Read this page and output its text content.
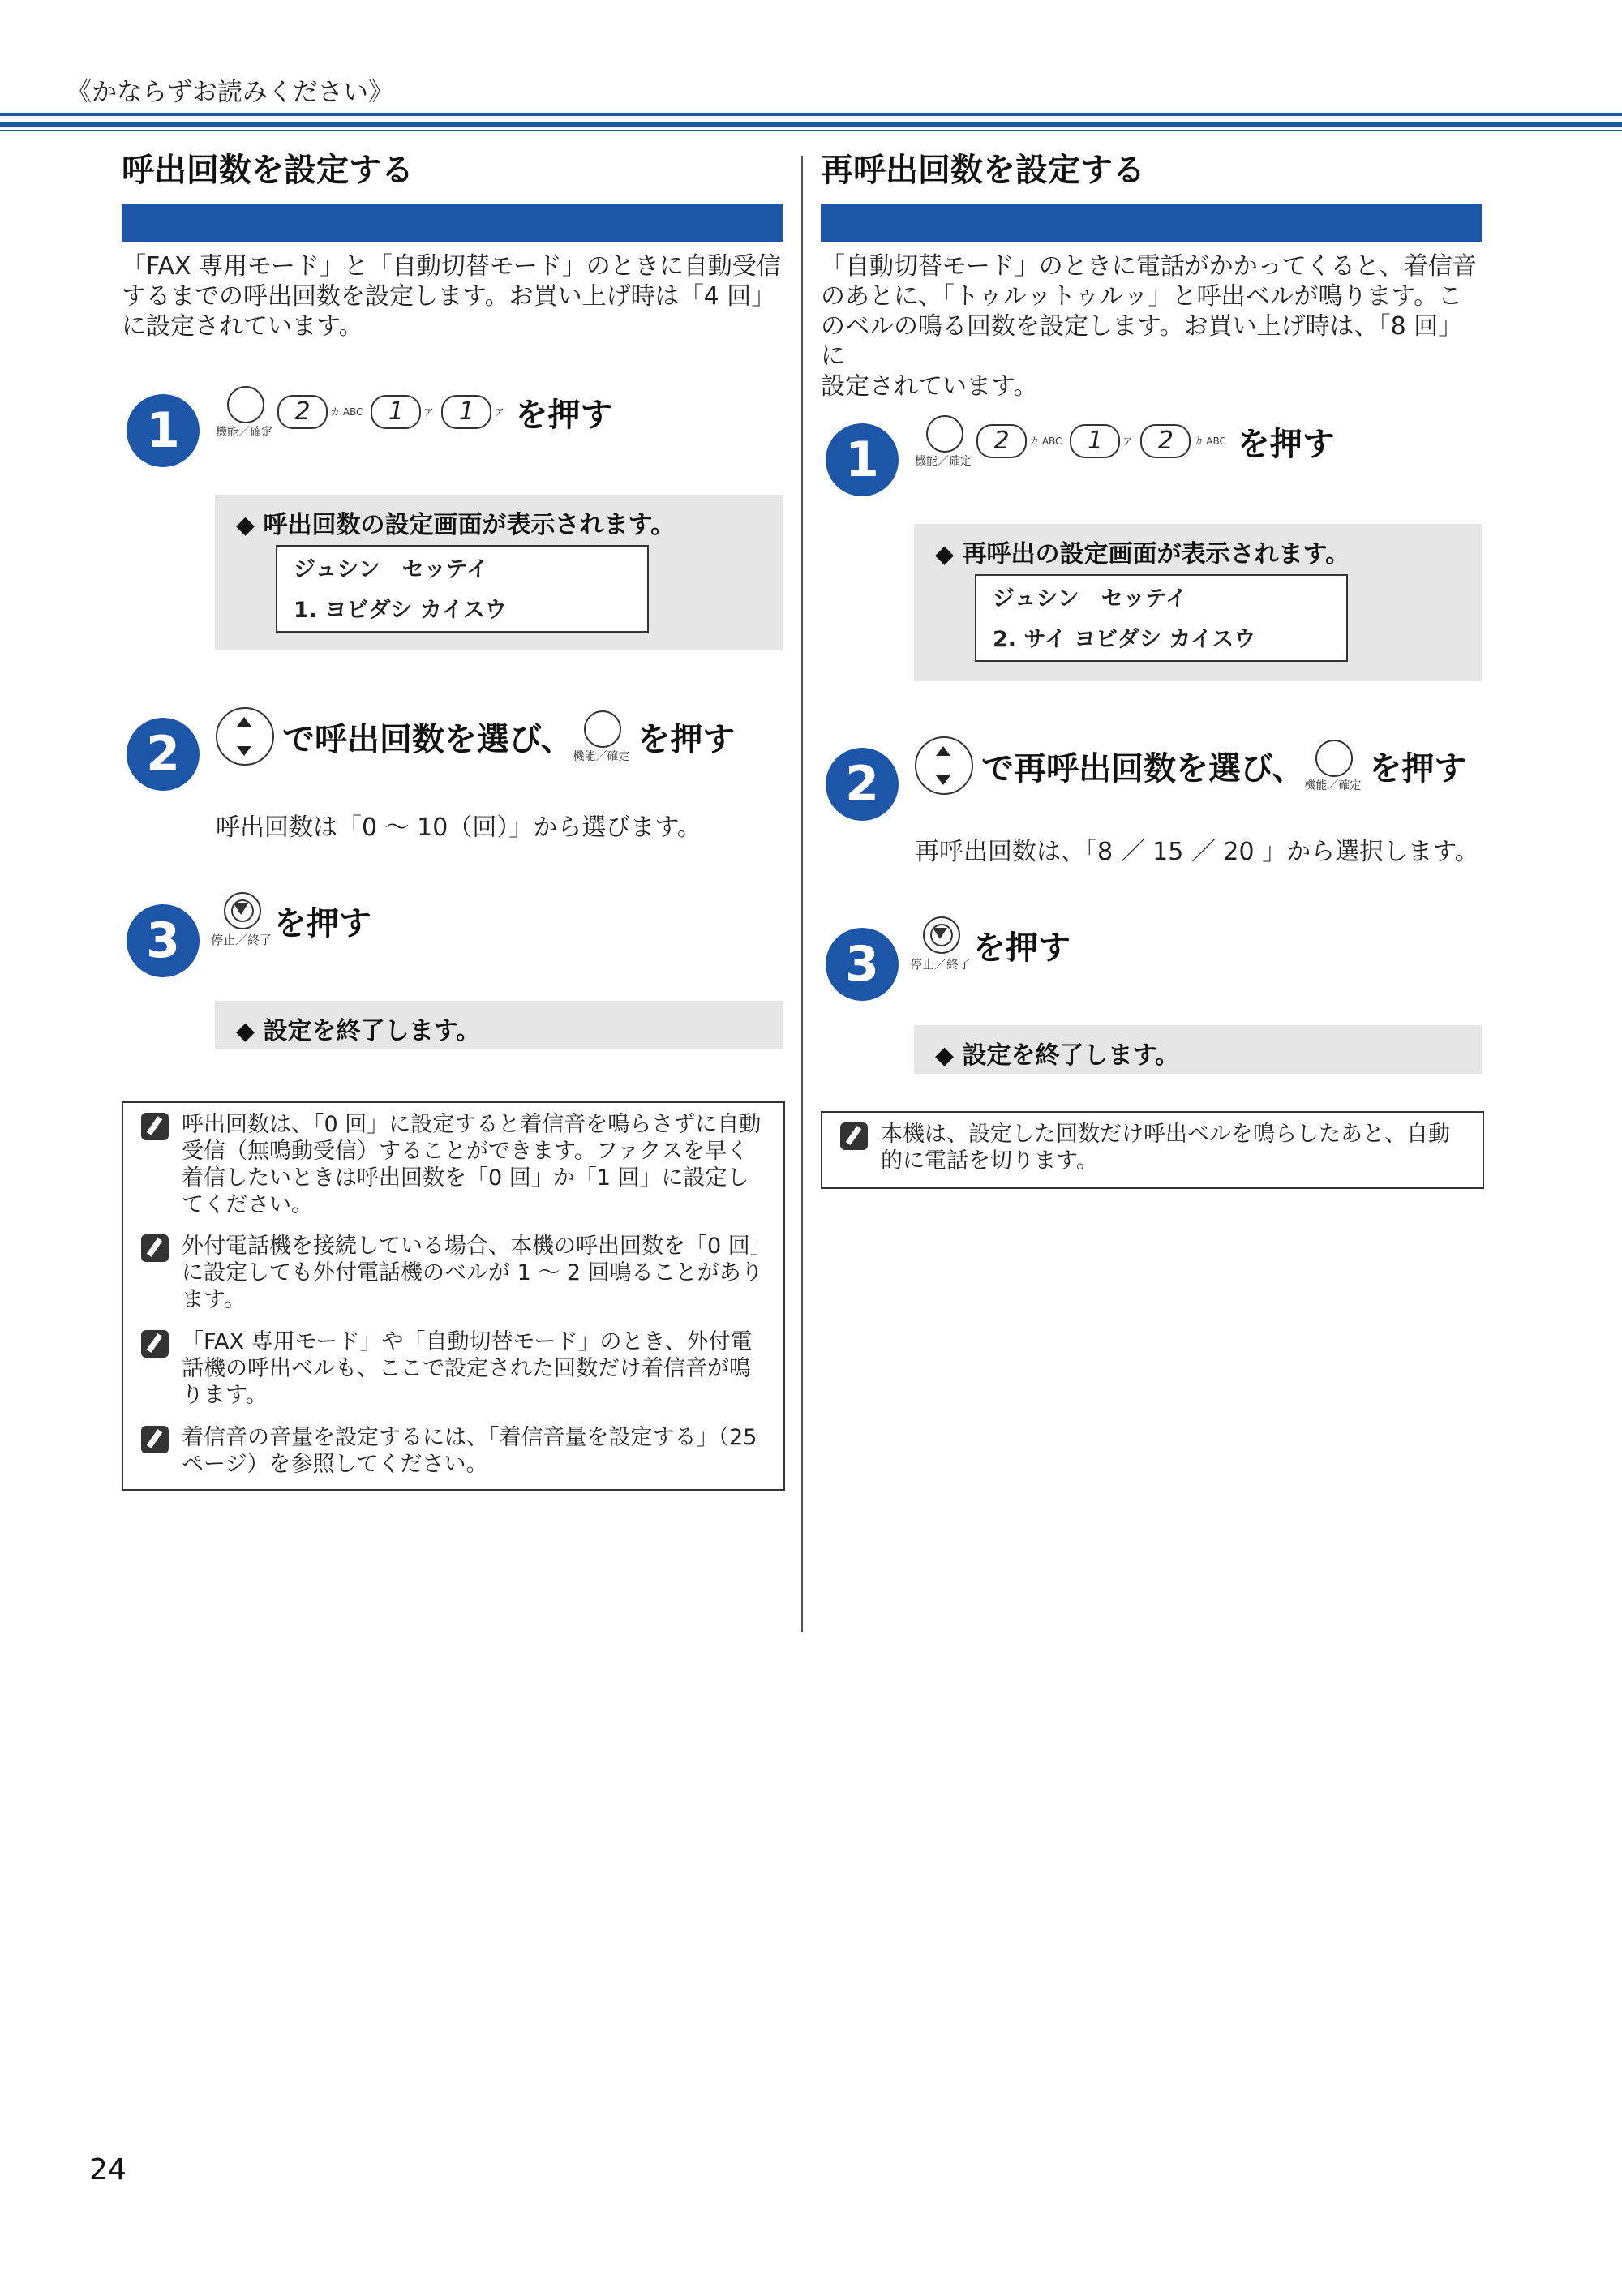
《かならずお読みください》
呼出回数を設定する
「FAX 専用モード」と「自動切替モード」のときに自動受信
するまでの呼出回数を設定します。お買い上げ時は「4 回」
に設定されています。
1	機能／確定
2	カ ABC	1	ア	1	ア を押す
◆ 呼出回数の設定画面が表示されます。
ジュシン　セッテイ
1. ヨビダシ カイスウ
2	で呼出回数を選び、 機能／確定 を押す
呼出回数は「0 ～ 10（回）」から選びます。
3	停止／終了 を押す
◆ 設定を終了します。
呼出回数は、「0 回」に設定すると着信音を鳴らさずに自動
受信（無鳴動受信）することができます。ファクスを早く
着信したいときは呼出回数を「0 回」か「1 回」に設定し
てください。
外付電話機を接続している場合、本機の呼出回数を「0 回」
に設定しても外付電話機のベルが 1 ～ 2 回鳴ることがあり
ます。
「FAX 専用モード」や「自動切替モード」のとき、外付電
話機の呼出ベルも、ここで設定された回数だけ着信音が鳴
ります。
着信音の音量を設定するには、「着信音量を設定する」（25
ページ）を参照してください。
再呼出回数を設定する
「自動切替モード」のときに電話がかかってくると、着信音
のあとに、「トゥルットゥルッ」と呼出ベルが鳴ります。こ
のベルの鳴る回数を設定します。お買い上げ時は、「8 回」に
設定されています。
1	機能／確定
2	カ ABC	1	ア	2	カ ABC を押す
◆ 再呼出の設定画面が表示されます。
ジュシン　セッテイ
2. サイ ヨビダシ カイスウ
2	で再呼出回数を選び、 機能／確定 を押す
再呼出回数は、「8 ／ 15 ／ 20 」から選択します。
3	停止／終了 を押す
◆ 設定を終了します。
本機は、設定した回数だけ呼出ベルを鳴らしたあと、自動
的に電話を切ります。
24
